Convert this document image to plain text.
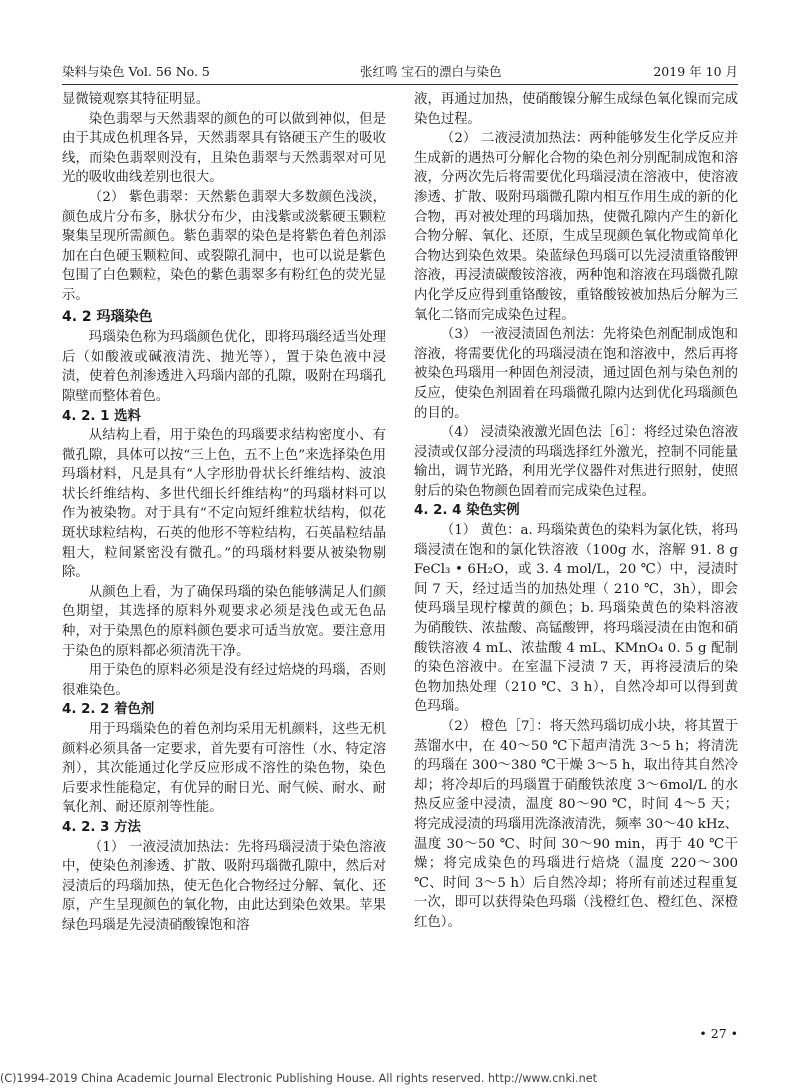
染料与染色 Vol. 56 No. 5	张红鸣 宝石的漂白与染色	2019 年 10 月

显微镜观察其特征明显。

染色翡翠与天然翡翠的颜色的可以做到神似，但是由于其成色机理各异，天然翡翠具有铬硬玉产生的吸收线，而染色翡翠则没有，且染色翡翠与天然翡翠对可见光的吸收曲线差别也很大。

（2） 紫色翡翠：天然紫色翡翠大多数颜色浅淡，颜色成片分布多，脉状分布少，由浅紫或淡紫硬玉颗粒聚集呈现所需颜色。紫色翡翠的染色是将紫色着色剂添加在白色硬玉颗粒间、或裂隙孔洞中，也可以说是紫色包围了白色颗粒，染色的紫色翡翠多有粉红色的荧光显示。

4. 2 玛瑙染色

玛瑙染色称为玛瑙颜色优化，即将玛瑙经适当处理后（如酸液或碱液清洗、抛光等），置于染色液中浸渍，使着色剂渗透进入玛瑙内部的孔隙，吸附在玛瑙孔隙壁而整体着色。

4. 2. 1 选料

从结构上看，用于染色的玛瑙要求结构密度小、有微孔隙，具体可以按“三上色，五不上色”来选择染色用玛瑙材料，凡是具有“人字形肋骨状长纤维结构、波浪状长纤维结构、多世代细长纤维结构”的玛瑙材料可以作为被染物。对于具有“不定向短纤维粒状结构，似花斑状球粒结构，石英的他形不等粒结构，石英晶粒结晶粗大，粒间紧密没有微孔。”的玛瑙材料要从被染物剔除。

从颜色上看，为了确保玛瑙的染色能够满足人们颜色期望，其选择的原料外观要求必须是浅色或无色品种，对于染黑色的原料颜色要求可适当放宽。要注意用于染色的原料都必须清洗干净。

用于染色的原料必须是没有经过焙烧的玛瑙，否则很难染色。

4. 2. 2 着色剂

用于玛瑙染色的着色剂均采用无机颜料，这些无机颜料必须具备一定要求，首先要有可溶性（水、特定溶剂），其次能通过化学反应形成不溶性的染色物，染色后要求性能稳定，有优异的耐日光、耐气候、耐水、耐氧化剂、耐还原剂等性能。

4. 2. 3 方法

（1） 一液浸渍加热法：先将玛瑙浸渍于染色溶液中，使染色剂渗透、扩散、吸附玛瑙微孔隙中，然后对浸渍后的玛瑙加热，使无色化合物经过分解、氧化、还原，产生呈现颜色的氧化物，由此达到染色效果。苹果绿色玛瑙是先浸渍硝酸镍饱和溶

液，再通过加热，使硝酸镍分解生成绿色氧化镍而完成染色过程。

（2） 二液浸渍加热法：两种能够发生化学反应并生成新的遇热可分解化合物的染色剂分别配制成饱和溶液，分两次先后将需要优化玛瑙浸渍在溶液中，使溶液渗透、扩散、吸附玛瑙微孔隙内相互作用生成的新的化合物，再对被处理的玛瑙加热，使微孔隙内产生的新化合物分解、氧化、还原，生成呈现颜色氧化物或简单化合物达到染色效果。染蓝绿色玛瑙可以先浸渍重铬酸钾溶液，再浸渍碳酸铵溶液，两种饱和溶液在玛瑙微孔隙内化学反应得到重铬酸铵，重铬酸铵被加热后分解为三氧化二铬而完成染色过程。

（3） 一液浸渍固色剂法：先将染色剂配制成饱和溶液，将需要优化的玛瑙浸渍在饱和溶液中，然后再将被染色玛瑙用一种固色剂浸渍，通过固色剂与染色剂的反应，使染色剂固着在玛瑙微孔隙内达到优化玛瑙颜色的目的。

（4） 浸渍染液激光固色法［6］：将经过染色溶液浸渍或仅部分浸渍的玛瑙选择红外激光，控制不同能量输出，调节光路，利用光学仪器件对焦进行照射，使照射后的染色物颜色固着而完成染色过程。

4. 2. 4 染色实例

（1） 黄色：a. 玛瑙染黄色的染料为氯化铁，将玛瑙浸渍在饱和的氯化铁溶液（100g 水，溶解 91. 8 g FeCl₃ • 6H₂O，或 3. 4 mol/L，20 ℃）中，浸渍时间 7 天，经过适当的加热处理（ 210 ℃，3h），即会使玛瑙呈现柠檬黄的颜色；b. 玛瑙染黄色的染料溶液为硝酸铁、浓盐酸、高锰酸钾，将玛瑙浸渍在由饱和硝酸铁溶液 4 mL、浓盐酸 4 mL、KMnO₄ 0. 5 g 配制的染色溶液中。在室温下浸渍 7 天，再将浸渍后的染色物加热处理（210 ℃、3 h），自然冷却可以得到黄色玛瑙。

（2） 橙色［7］：将天然玛瑙切成小块，将其置于蒸馏水中，在 40～50 ℃下超声清洗 3～5 h；将清洗的玛瑙在 300～380 ℃干燥 3～5 h，取出待其自然冷却；将冷却后的玛瑙置于硝酸铁浓度 3～6mol/L 的水热反应釜中浸渍，温度 80～90 ℃，时间 4～5 天；将完成浸渍的玛瑙用洗涤液清洗，频率 30～40 kHz、温度 30～50 ℃、时间 30～90 min，再于 40 ℃干燥；将完成染色的玛瑙进行焙烧（温度 220～300 ℃、时间 3～5 h）后自然冷却；将所有前述过程重复一次，即可以获得染色玛瑙（浅橙红色、橙红色、深橙红色）。

• 27 •
(C)1994-2019 China Academic Journal Electronic Publishing House. All rights reserved. http://www.cnki.net
